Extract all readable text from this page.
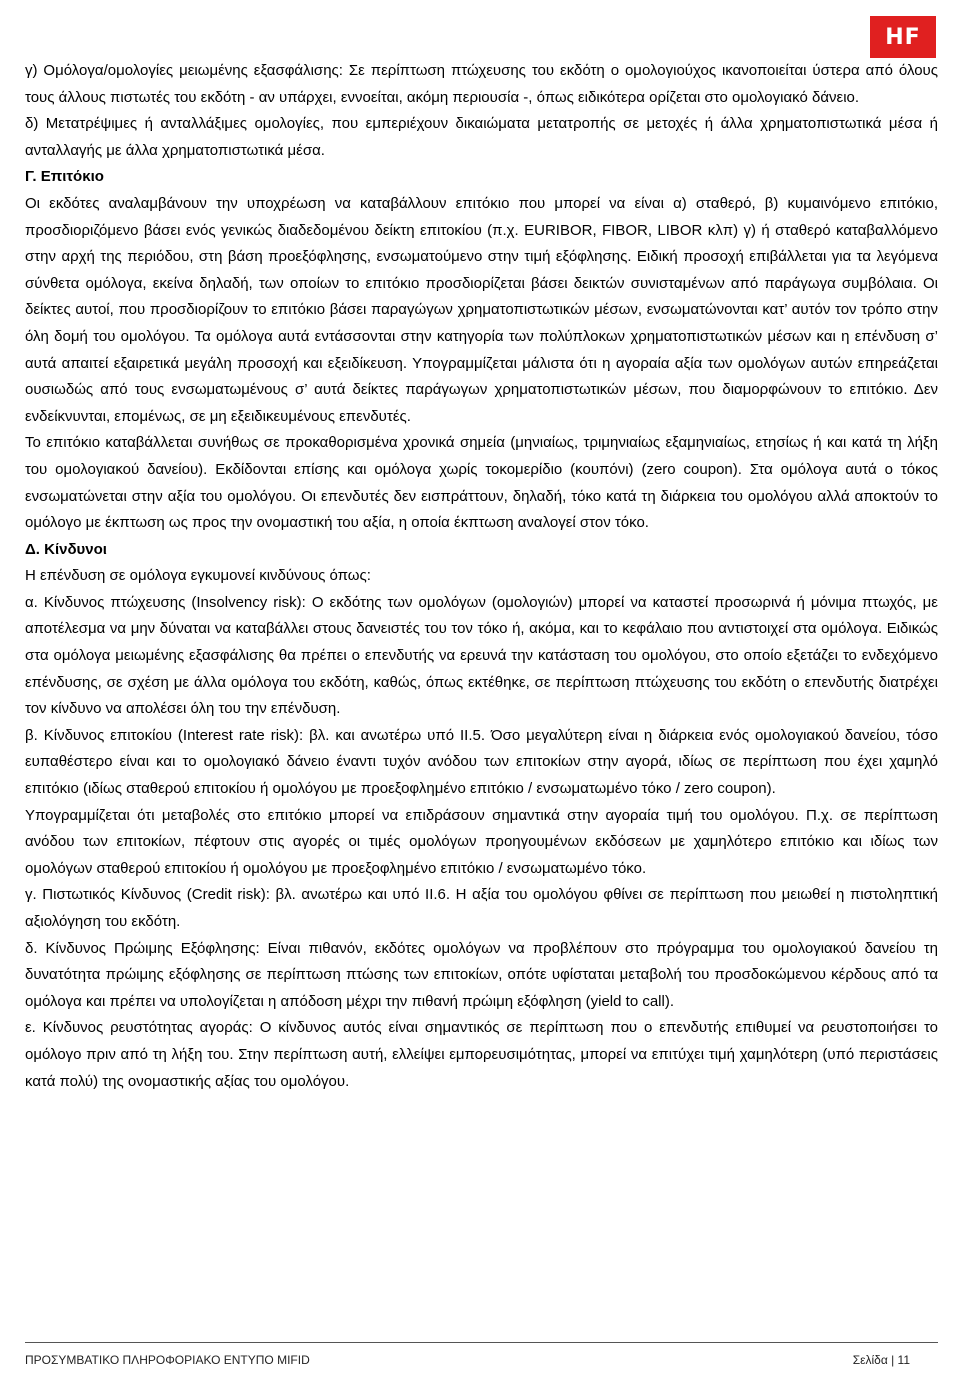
HF

γ) Ομόλογα/ομολογίες μειωμένης εξασφάλισης: Σε περίπτωση πτώχευσης του εκδότη ο ομολογιούχος ικανοποιείται ύστερα από όλους τους άλλους πιστωτές του εκδότη - αν υπάρχει, εννοείται, ακόμη περιουσία -, όπως ειδικότερα ορίζεται στο ομολογιακό δάνειο.

δ) Μετατρέψιμες ή ανταλλάξιμες ομολογίες, που εμπεριέχουν δικαιώματα μετατροπής σε μετοχές ή άλλα χρηματοπιστωτικά μέσα ή ανταλλαγής με άλλα χρηματοπιστωτικά μέσα.

Γ. Επιτόκιο

Οι εκδότες αναλαμβάνουν την υποχρέωση να καταβάλλουν επιτόκιο που μπορεί να είναι α) σταθερό, β) κυμαινόμενο επιτόκιο, προσδιοριζόμενο βάσει ενός γενικώς διαδεδομένου δείκτη επιτοκίου (π.χ. EURIBOR, FIBOR, LIBOR κλπ) γ) ή σταθερό καταβαλλόμενο στην αρχή της περιόδου, στη βάση προεξόφλησης, ενσωματούμενο στην τιμή εξόφλησης. Ειδική προσοχή επιβάλλεται για τα λεγόμενα σύνθετα ομόλογα, εκείνα δηλαδή, των οποίων το επιτόκιο προσδιορίζεται βάσει δεικτών συνισταμένων από παράγωγα συμβόλαια. Οι δείκτες αυτοί, που προσδιορίζουν το επιτόκιο βάσει παραγώγων χρηματοπιστωτικών μέσων, ενσωματώνονται κατ’ αυτόν τον τρόπο στην όλη δομή του ομολόγου. Τα ομόλογα αυτά εντάσσονται στην κατηγορία των πολύπλοκων χρηματοπιστωτικών μέσων και η επένδυση σ’ αυτά απαιτεί εξαιρετικά μεγάλη προσοχή και εξειδίκευση. Υπογραμμίζεται μάλιστα ότι η αγοραία αξία των ομολόγων αυτών επηρεάζεται ουσιωδώς από τους ενσωματωμένους σ’ αυτά δείκτες παράγωγων χρηματοπιστωτικών μέσων, που διαμορφώνουν το επιτόκιο. Δεν ενδείκνυνται, επομένως, σε μη εξειδικευμένους επενδυτές.

Το επιτόκιο καταβάλλεται συνήθως σε προκαθορισμένα χρονικά σημεία (μηνιαίως, τριμηνιαίως εξαμηνιαίως, ετησίως ή και κατά τη λήξη του ομολογιακού δανείου). Εκδίδονται επίσης και ομόλογα χωρίς τοκομερίδιο (κουπόνι) (zero coupon). Στα ομόλογα αυτά ο τόκος ενσωματώνεται στην αξία του ομολόγου. Οι επενδυτές δεν εισπράττουν, δηλαδή, τόκο κατά τη διάρκεια του ομολόγου αλλά αποκτούν το ομόλογο με έκπτωση ως προς την ονομαστική του αξία, η οποία έκπτωση αναλογεί στον τόκο.

Δ. Κίνδυνοι

Η επένδυση σε ομόλογα εγκυμονεί κινδύνους όπως:

α. Κίνδυνος πτώχευσης (Insolvency risk): Ο εκδότης των ομολόγων (ομολογιών) μπορεί να καταστεί προσωρινά ή μόνιμα πτωχός, με αποτέλεσμα να μην δύναται να καταβάλλει στους δανειστές του τον τόκο ή, ακόμα, και το κεφάλαιο που αντιστοιχεί στα ομόλογα. Ειδικώς στα ομόλογα μειωμένης εξασφάλισης θα πρέπει ο επενδυτής να ερευνά την κατάσταση του ομολόγου, στο οποίο εξετάζει το ενδεχόμενο επένδυσης, σε σχέση με άλλα ομόλογα του εκδότη, καθώς, όπως εκτέθηκε, σε περίπτωση πτώχευσης του εκδότη ο επενδυτής διατρέχει τον κίνδυνο να απολέσει όλη του την επένδυση.

β. Κίνδυνος επιτοκίου (Interest rate risk): βλ. και ανωτέρω υπό II.5. Όσο μεγαλύτερη είναι η διάρκεια ενός ομολογιακού δανείου, τόσο ευπαθέστερο είναι και το ομολογιακό δάνειο έναντι τυχόν ανόδου των επιτοκίων στην αγορά, ιδίως σε περίπτωση που έχει χαμηλό επιτόκιο (ιδίως σταθερού επιτοκίου ή ομολόγου με προεξοφλημένο επιτόκιο / ενσωματωμένο τόκο / zero coupon).

Υπογραμμίζεται ότι μεταβολές στο επιτόκιο μπορεί να επιδράσουν σημαντικά στην αγοραία τιμή του ομολόγου. Π.χ. σε περίπτωση ανόδου των επιτοκίων, πέφτουν στις αγορές οι τιμές ομολόγων προηγουμένων εκδόσεων με χαμηλότερο επιτόκιο και ιδίως των ομολόγων σταθερού επιτοκίου ή ομολόγου με προεξοφλημένο επιτόκιο / ενσωματωμένο τόκο.

γ. Πιστωτικός Κίνδυνος (Credit risk): βλ. ανωτέρω και υπό II.6. Η αξία του ομολόγου φθίνει σε περίπτωση που μειωθεί η πιστοληπτική αξιολόγηση του εκδότη.

δ. Κίνδυνος Πρώιμης Εξόφλησης: Είναι πιθανόν, εκδότες ομολόγων να προβλέπουν στο πρόγραμμα του ομολογιακού δανείου τη δυνατότητα πρώιμης εξόφλησης σε περίπτωση πτώσης των επιτοκίων, οπότε υφίσταται μεταβολή του προσδοκώμενου κέρδους από τα ομόλογα και πρέπει να υπολογίζεται η απόδοση μέχρι την πιθανή πρώιμη εξόφληση (yield to call).

ε. Κίνδυνος ρευστότητας αγοράς: Ο κίνδυνος αυτός είναι σημαντικός σε περίπτωση που ο επενδυτής επιθυμεί να ρευστοποιήσει το ομόλογο πριν από τη λήξη του. Στην περίπτωση αυτή, ελλείψει εμπορευσιμότητας, μπορεί να επιτύχει τιμή χαμηλότερη (υπό περιστάσεις κατά πολύ) της ονομαστικής αξίας του ομολόγου.

ΠΡΟΣΥΜΒΑΤΙΚΟ ΠΛΗΡΟΦΟΡΙΑΚΟ ΕΝΤΥΠΟ MIFID	Σελίδα | 11
